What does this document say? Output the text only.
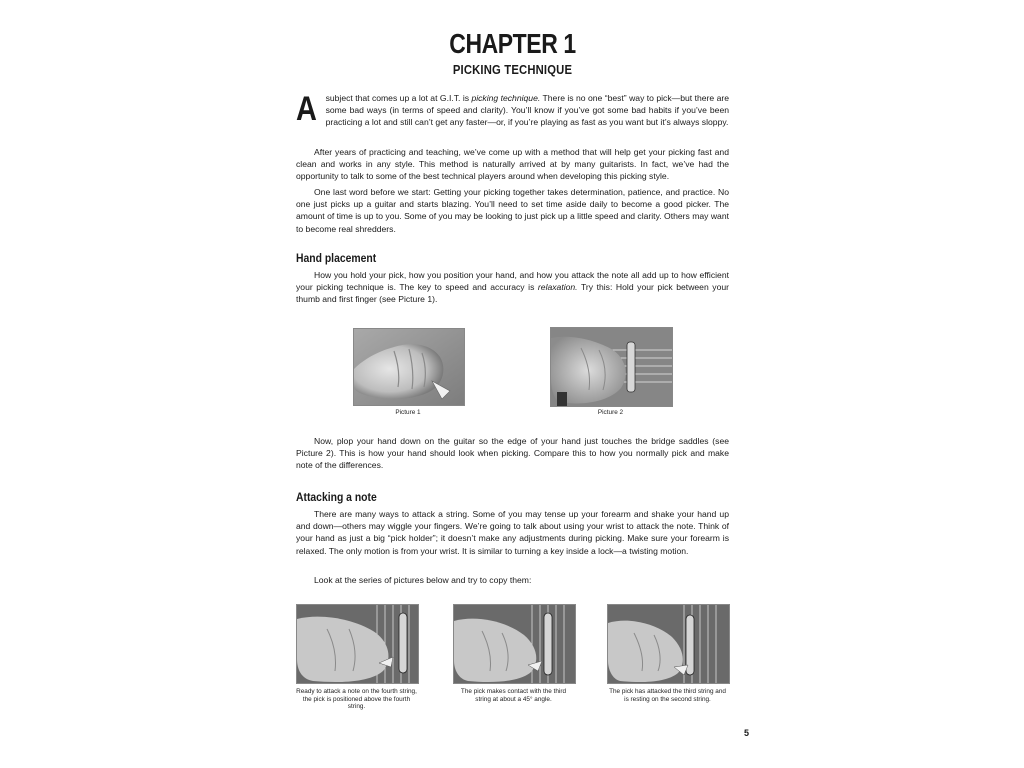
CHAPTER 1
PICKING TECHNIQUE

A subject that comes up a lot at G.I.T. is picking technique. There is no one “best” way to pick—but there are some bad ways (in terms of speed and clarity). You’ll know if you’ve got some bad habits if you’ve been practicing a lot and still can’t get any faster—or, if you’re playing as fast as you want but it’s always sloppy.

After years of practicing and teaching, we’ve come up with a method that will help get your picking fast and clean and works in any style. This method is naturally arrived at by many guitarists. In fact, we’ve had the opportunity to talk to some of the best technical players around when developing this picking style.

One last word before we start: Getting your picking together takes determination, patience, and practice. No one just picks up a guitar and starts blazing. You’ll need to set time aside daily to become a good picker. The amount of time is up to you. Some of you may be looking to just pick up a little speed and clarity. Others may want to become real shredders.

Hand placement

How you hold your pick, how you position your hand, and how you attack the note all add up to how efficient your picking technique is. The key to speed and accuracy is relaxation. Try this: Hold your pick between your thumb and first finger (see Picture 1).

Picture 1	Picture 2

Now, plop your hand down on the guitar so the edge of your hand just touches the bridge saddles (see Picture 2). This is how your hand should look when picking. Compare this to how you normally pick and make note of the differences.

Attacking a note

There are many ways to attack a string. Some of you may tense up your forearm and shake your hand up and down—others may wiggle your fingers. We’re going to talk about using your wrist to attack the note. Think of your hand as just a big “pick holder”; it doesn’t make any adjustments during picking. Make sure your forearm is relaxed. The only motion is from your wrist. It is similar to turning a key inside a lock—a twisting motion.

Look at the series of pictures below and try to copy them:

Ready to attack a note on the fourth string, the pick is positioned above the fourth string.
The pick makes contact with the third string at about a 45° angle.
The pick has attacked the third string and is resting on the second string.
5
